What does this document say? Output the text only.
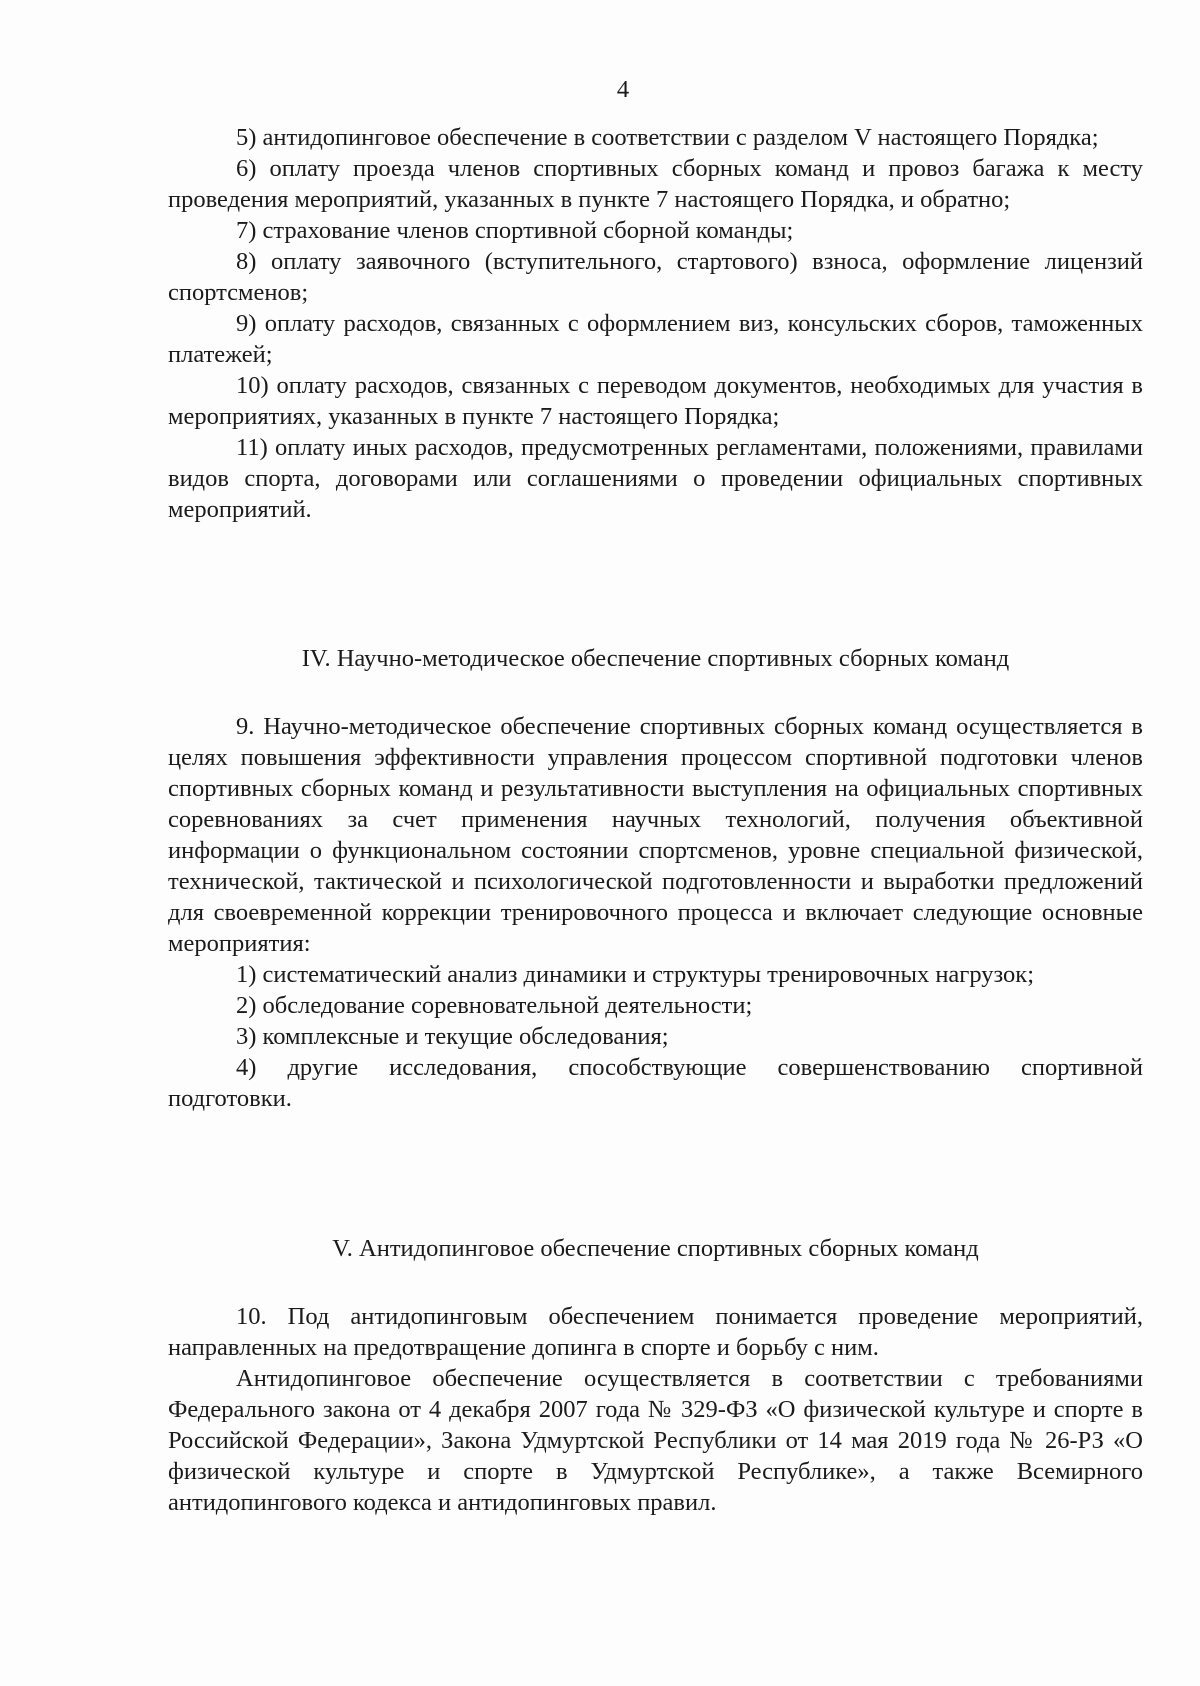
4

5) антидопинговое обеспечение в соответствии с разделом V настоящего Порядка;

6) оплату проезда членов спортивных сборных команд и провоз багажа к месту проведения мероприятий, указанных в пункте 7 настоящего Порядка, и обратно;

7) страхование членов спортивной сборной команды;

8) оплату заявочного (вступительного, стартового) взноса, оформление лицензий спортсменов;

9) оплату расходов, связанных с оформлением виз, консульских сборов, таможенных платежей;

10) оплату расходов, связанных с переводом документов, необходимых для участия в мероприятиях, указанных в пункте 7 настоящего Порядка;

11) оплату иных расходов, предусмотренных регламентами, положениями, правилами видов спорта, договорами или соглашениями о проведении официальных спортивных мероприятий.

IV. Научно-методическое обеспечение спортивных сборных команд

9. Научно-методическое обеспечение спортивных сборных команд осуществляется в целях повышения эффективности управления процессом спортивной подготовки членов спортивных сборных команд и результативности выступления на официальных спортивных соревнованиях за счет применения научных технологий, получения объективной информации о функциональном состоянии спортсменов, уровне специальной физической, технической, тактической и психологической подготовленности и выработки предложений для своевременной коррекции тренировочного процесса и включает следующие основные мероприятия:

1) систематический анализ динамики и структуры тренировочных нагрузок;

2) обследование соревновательной деятельности;

3) комплексные и текущие обследования;

4) другие исследования, способствующие совершенствованию спортивной подготовки.

V. Антидопинговое обеспечение спортивных сборных команд

10. Под антидопинговым обеспечением понимается проведение мероприятий, направленных на предотвращение допинга в спорте и борьбу с ним.

Антидопинговое обеспечение осуществляется в соответствии с требованиями Федерального закона от 4 декабря 2007 года № 329-ФЗ «О физической культуре и спорте в Российской Федерации», Закона Удмуртской Республики от 14 мая 2019 года № 26-РЗ «О физической культуре и спорте в Удмуртской Республике», а также Всемирного антидопингового кодекса и антидопинговых правил.
